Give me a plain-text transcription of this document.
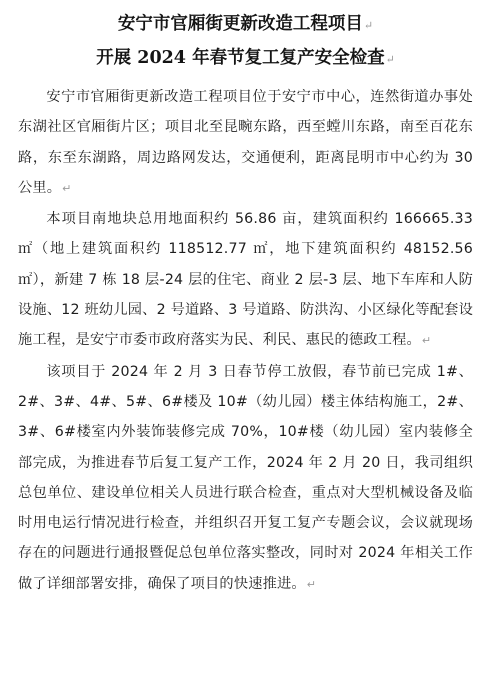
安宁市官厢街更新改造工程项目↵
开展 2024 年春节复工复产安全检查↵

安宁市官厢街更新改造工程项目位于安宁市中心，连然街道办事处东湖社区官厢街片区；项目北至昆畹东路，西至螳川东路，南至百花东路，东至东湖路，周边路网发达，交通便利，距离昆明市中心约为 30 公里。↵

本项目南地块总用地面积约 56.86 亩，建筑面积约 166665.33 ㎡（地上建筑面积约 118512.77 ㎡，地下建筑面积约 48152.56 ㎡），新建 7 栋 18 层-24 层的住宅、商业 2 层-3 层、地下车库和人防设施、12 班幼儿园、2 号道路、3 号道路、防洪沟、小区绿化等配套设施工程，是安宁市委市政府落实为民、利民、惠民的德政工程。↵

该项目于 2024 年 2 月 3 日春节停工放假，春节前已完成 1#、2#、3#、4#、5#、6#楼及 10#（幼儿园）楼主体结构施工，2#、3#、6#楼室内外装饰装修完成 70%，10#楼（幼儿园）室内装修全部完成，为推进春节后复工复产工作，2024 年 2 月 20 日，我司组织总包单位、建设单位相关人员进行联合检查，重点对大型机械设备及临时用电运行情况进行检查，并组织召开复工复产专题会议，会议就现场存在的问题进行通报暨促总包单位落实整改，同时对 2024 年相关工作做了详细部署安排，确保了项目的快速推进。↵
